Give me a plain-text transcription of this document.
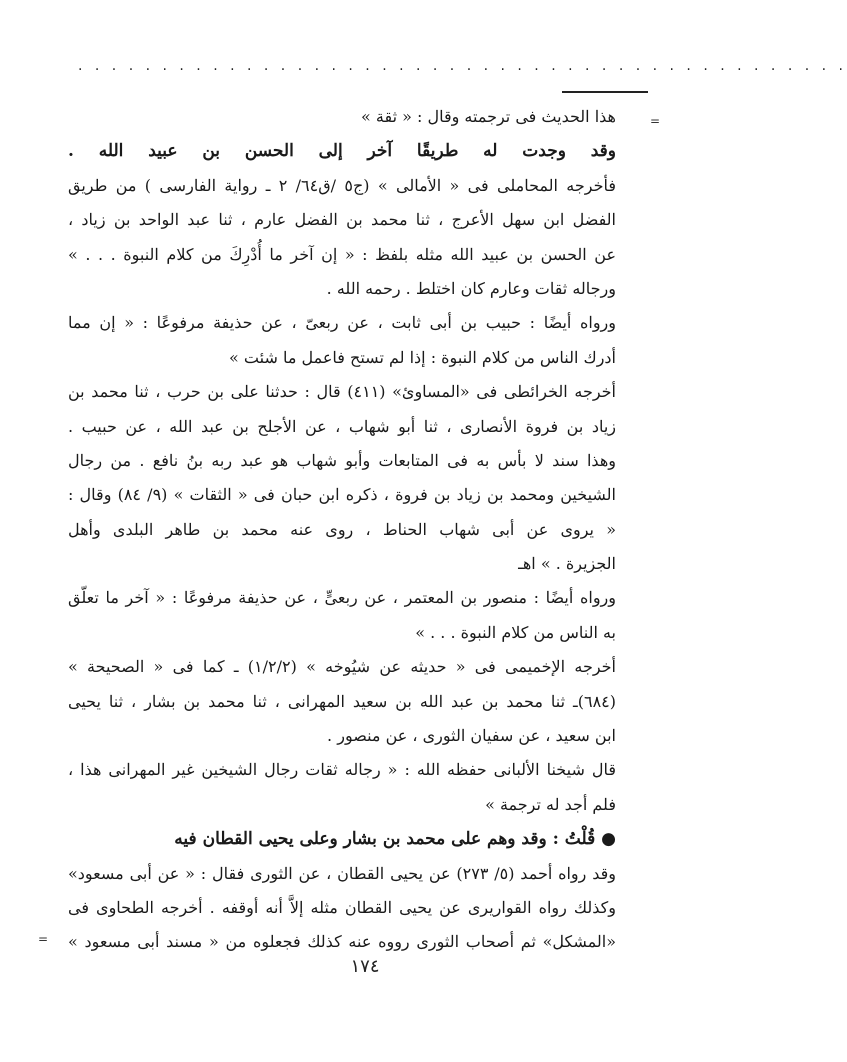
. . . . . . . . . . . . . . . . . . . . . . . . . . . . . . . . . . . . . . . . . . . . . .
=
=
هذا الحديث فى ترجمته وقال : « ثقة »
وقد وجدت له طريقًا آخر إلى الحسن بن عبيد الله .
فأخرجه المحاملى فى « الأمالى » (ج٥ /ق٦٤/ ٢ ـ رواية الفارسى ) من طريق
الفضل ابن سهل الأعرج ، ثنا محمد بن الفضل عارم ، ثنا عبد الواحد بن زياد ،
عن الحسن بن عبيد الله مثله بلفظ : « إن آخر ما أُدْرِكَ من كلام النبوة . . . »
ورجاله ثقات وعارم كان اختلط . رحمه الله .
ورواه أيضًا : حبيب بن أبى ثابت ، عن ربعىّ ، عن حذيفة مرفوعًا : « إن مما
أدرك الناس من كلام النبوة : إذا لم تستح فاعمل ما شئت »
أخرجه الخرائطى فى «المساوئ» (٤١١) قال : حدثنا على بن حرب ، ثنا محمد بن
زياد بن فروة الأنصارى ، ثنا أبو شهاب ، عن الأجلح بن عبد الله ، عن حبيب .
وهذا سند لا بأس به فى المتابعات وأبو شهاب هو عبد ربه بنُ نافع . من رجال
الشيخين ومحمد بن زياد بن فروة ، ذكره ابن حبان فى « الثقات » (٩/ ٨٤) وقال :
« يروى عن أبى شهاب الحناط ، روى عنه محمد بن طاهر البلدى وأهل
الجزيرة . » اهـ
ورواه أيضًا : منصور بن المعتمر ، عن ربعىٍّ ، عن حذيفة مرفوعًا : « آخر ما تعلّق
به الناس من كلام النبوة . . . »
أخرجه الإخميمى فى « حديثه عن شيُوخه » (١/٢/٢) ـ كما فى « الصحيحة »
(٦٨٤)ـ ثنا محمد بن عبد الله بن سعيد المهرانى ، ثنا محمد بن بشار ، ثنا يحيى
ابن سعيد ، عن سفيان الثورى ، عن منصور .
قال شيخنا الألبانى حفظه الله : « رجاله ثقات رجال الشيخين غير المهرانى هذا ،
فلم أجد له ترجمة »
● قُلْتُ : وقد وهم على محمد بن بشار وعلى يحيى القطان فيه
وقد رواه أحمد (٥/ ٢٧٣) عن يحيى القطان ، عن الثورى فقال : « عن أبى مسعود»
وكذلك رواه القواريرى عن يحيى القطان مثله إلاَّ أنه أوقفه . أخرجه الطحاوى فى
«المشكل» ثم أصحاب الثورى رووه عنه كذلك فجعلوه من « مسند أبى مسعود »
١٧٤
